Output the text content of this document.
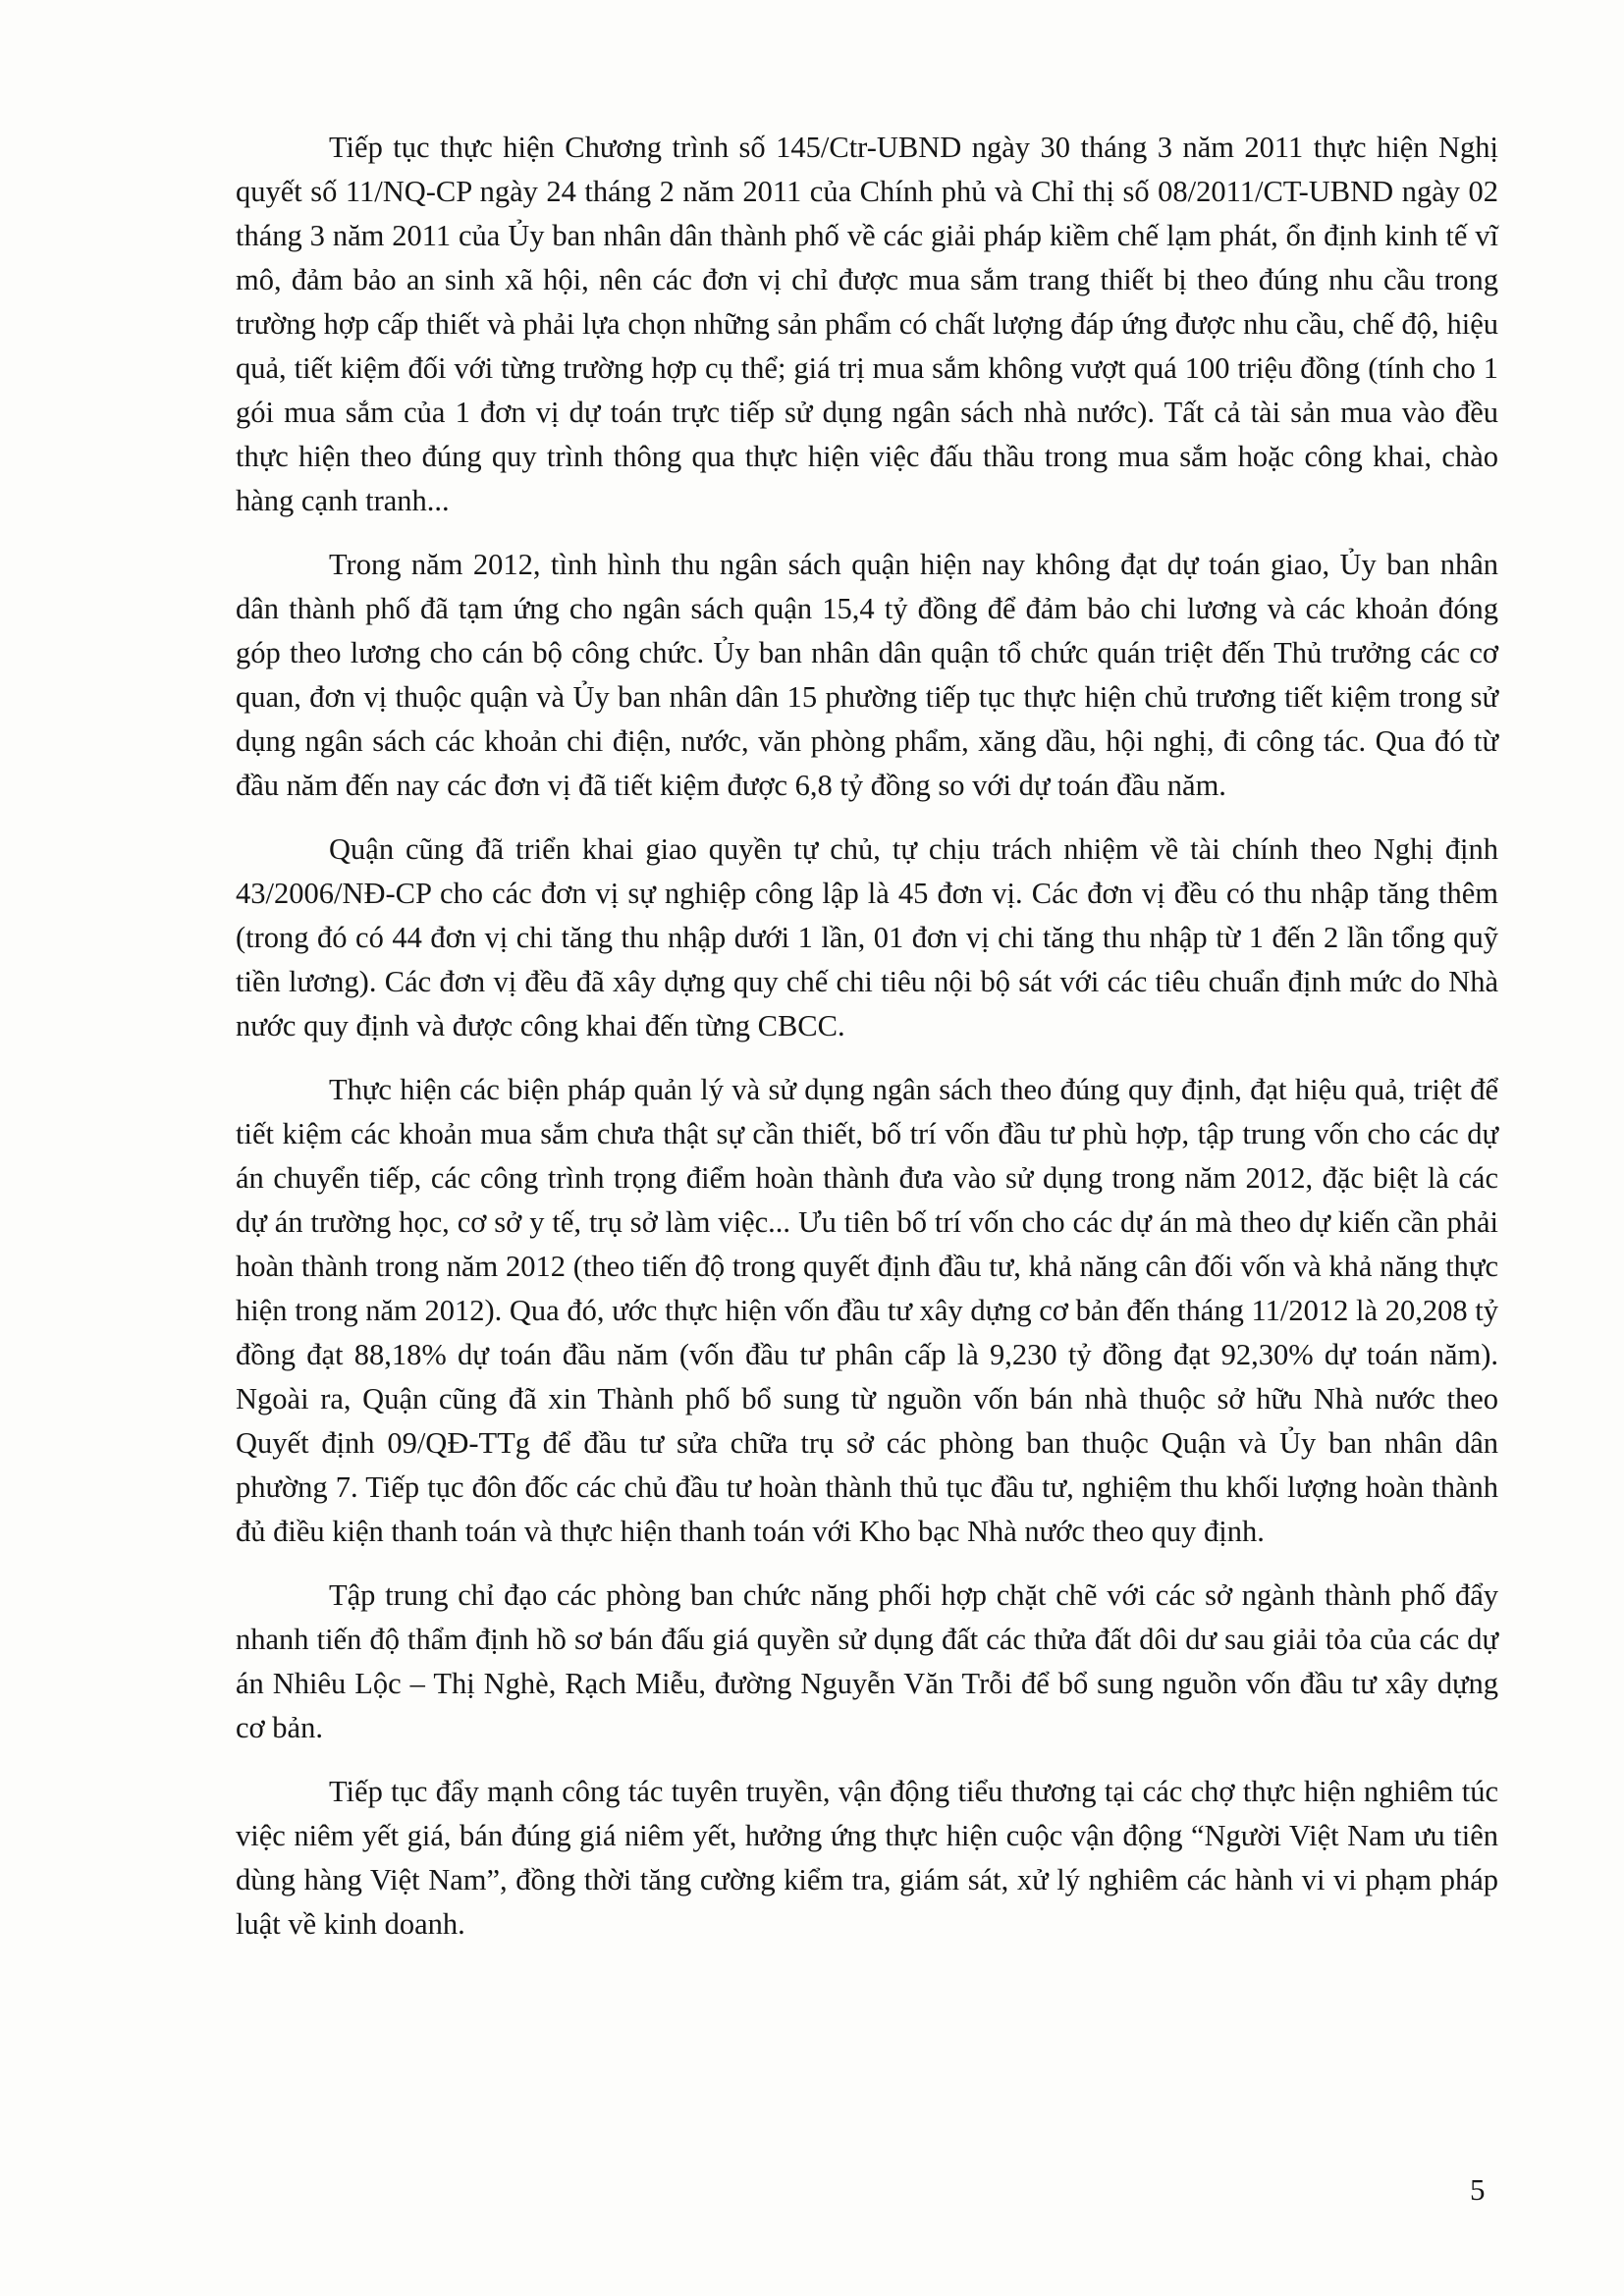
Tiếp tục thực hiện Chương trình số 145/Ctr-UBND ngày 30 tháng 3 năm 2011 thực hiện Nghị quyết số 11/NQ-CP ngày 24 tháng 2 năm 2011 của Chính phủ và Chỉ thị số 08/2011/CT-UBND ngày 02 tháng 3 năm 2011 của Ủy ban nhân dân thành phố về các giải pháp kiềm chế lạm phát, ổn định kinh tế vĩ mô, đảm bảo an sinh xã hội, nên các đơn vị chỉ được mua sắm trang thiết bị theo đúng nhu cầu trong trường hợp cấp thiết và phải lựa chọn những sản phẩm có chất lượng đáp ứng được nhu cầu, chế độ, hiệu quả, tiết kiệm đối với từng trường hợp cụ thể; giá trị mua sắm không vượt quá 100 triệu đồng (tính cho 1 gói mua sắm của 1 đơn vị dự toán trực tiếp sử dụng ngân sách nhà nước). Tất cả tài sản mua vào đều thực hiện theo đúng quy trình thông qua thực hiện việc đấu thầu trong mua sắm hoặc công khai, chào hàng cạnh tranh...

Trong năm 2012, tình hình thu ngân sách quận hiện nay không đạt dự toán giao, Ủy ban nhân dân thành phố đã tạm ứng cho ngân sách quận 15,4 tỷ đồng để đảm bảo chi lương và các khoản đóng góp theo lương cho cán bộ công chức. Ủy ban nhân dân quận tổ chức quán triệt đến Thủ trưởng các cơ quan, đơn vị thuộc quận và Ủy ban nhân dân 15 phường tiếp tục thực hiện chủ trương tiết kiệm trong sử dụng ngân sách các khoản chi điện, nước, văn phòng phẩm, xăng dầu, hội nghị, đi công tác. Qua đó từ đầu năm đến nay các đơn vị đã tiết kiệm được 6,8 tỷ đồng so với dự toán đầu năm.

Quận cũng đã triển khai giao quyền tự chủ, tự chịu trách nhiệm về tài chính theo Nghị định 43/2006/NĐ-CP cho các đơn vị sự nghiệp công lập là 45 đơn vị. Các đơn vị đều có thu nhập tăng thêm (trong đó có 44 đơn vị chi tăng thu nhập dưới 1 lần, 01 đơn vị chi tăng thu nhập từ 1 đến 2 lần tổng quỹ tiền lương). Các đơn vị đều đã xây dựng quy chế chi tiêu nội bộ sát với các tiêu chuẩn định mức do Nhà nước quy định và được công khai đến từng CBCC.

Thực hiện các biện pháp quản lý và sử dụng ngân sách theo đúng quy định, đạt hiệu quả, triệt để tiết kiệm các khoản mua sắm chưa thật sự cần thiết, bố trí vốn đầu tư phù hợp, tập trung vốn cho các dự án chuyển tiếp, các công trình trọng điểm hoàn thành đưa vào sử dụng trong năm 2012, đặc biệt là các dự án trường học, cơ sở y tế, trụ sở làm việc... Ưu tiên bố trí vốn cho các dự án mà theo dự kiến cần phải hoàn thành trong năm 2012 (theo tiến độ trong quyết định đầu tư, khả năng cân đối vốn và khả năng thực hiện trong năm 2012). Qua đó, ước thực hiện vốn đầu tư xây dựng cơ bản đến tháng 11/2012 là 20,208 tỷ đồng đạt 88,18% dự toán đầu năm (vốn đầu tư phân cấp là 9,230 tỷ đồng đạt 92,30% dự toán năm). Ngoài ra, Quận cũng đã xin Thành phố bổ sung từ nguồn vốn bán nhà thuộc sở hữu Nhà nước theo Quyết định 09/QĐ-TTg để đầu tư sửa chữa trụ sở các phòng ban thuộc Quận và Ủy ban nhân dân phường 7. Tiếp tục đôn đốc các chủ đầu tư hoàn thành thủ tục đầu tư, nghiệm thu khối lượng hoàn thành đủ điều kiện thanh toán và thực hiện thanh toán với Kho bạc Nhà nước theo quy định.

Tập trung chỉ đạo các phòng ban chức năng phối hợp chặt chẽ với các sở ngành thành phố đẩy nhanh tiến độ thẩm định hồ sơ bán đấu giá quyền sử dụng đất các thửa đất dôi dư sau giải tỏa của các dự án Nhiêu Lộc – Thị Nghè, Rạch Miễu, đường Nguyễn Văn Trỗi để bổ sung nguồn vốn đầu tư xây dựng cơ bản.

Tiếp tục đẩy mạnh công tác tuyên truyền, vận động tiểu thương tại các chợ thực hiện nghiêm túc việc niêm yết giá, bán đúng giá niêm yết, hưởng ứng thực hiện cuộc vận động “Người Việt Nam ưu tiên dùng hàng Việt Nam”, đồng thời tăng cường kiểm tra, giám sát, xử lý nghiêm các hành vi vi phạm pháp luật về kinh doanh.

5
